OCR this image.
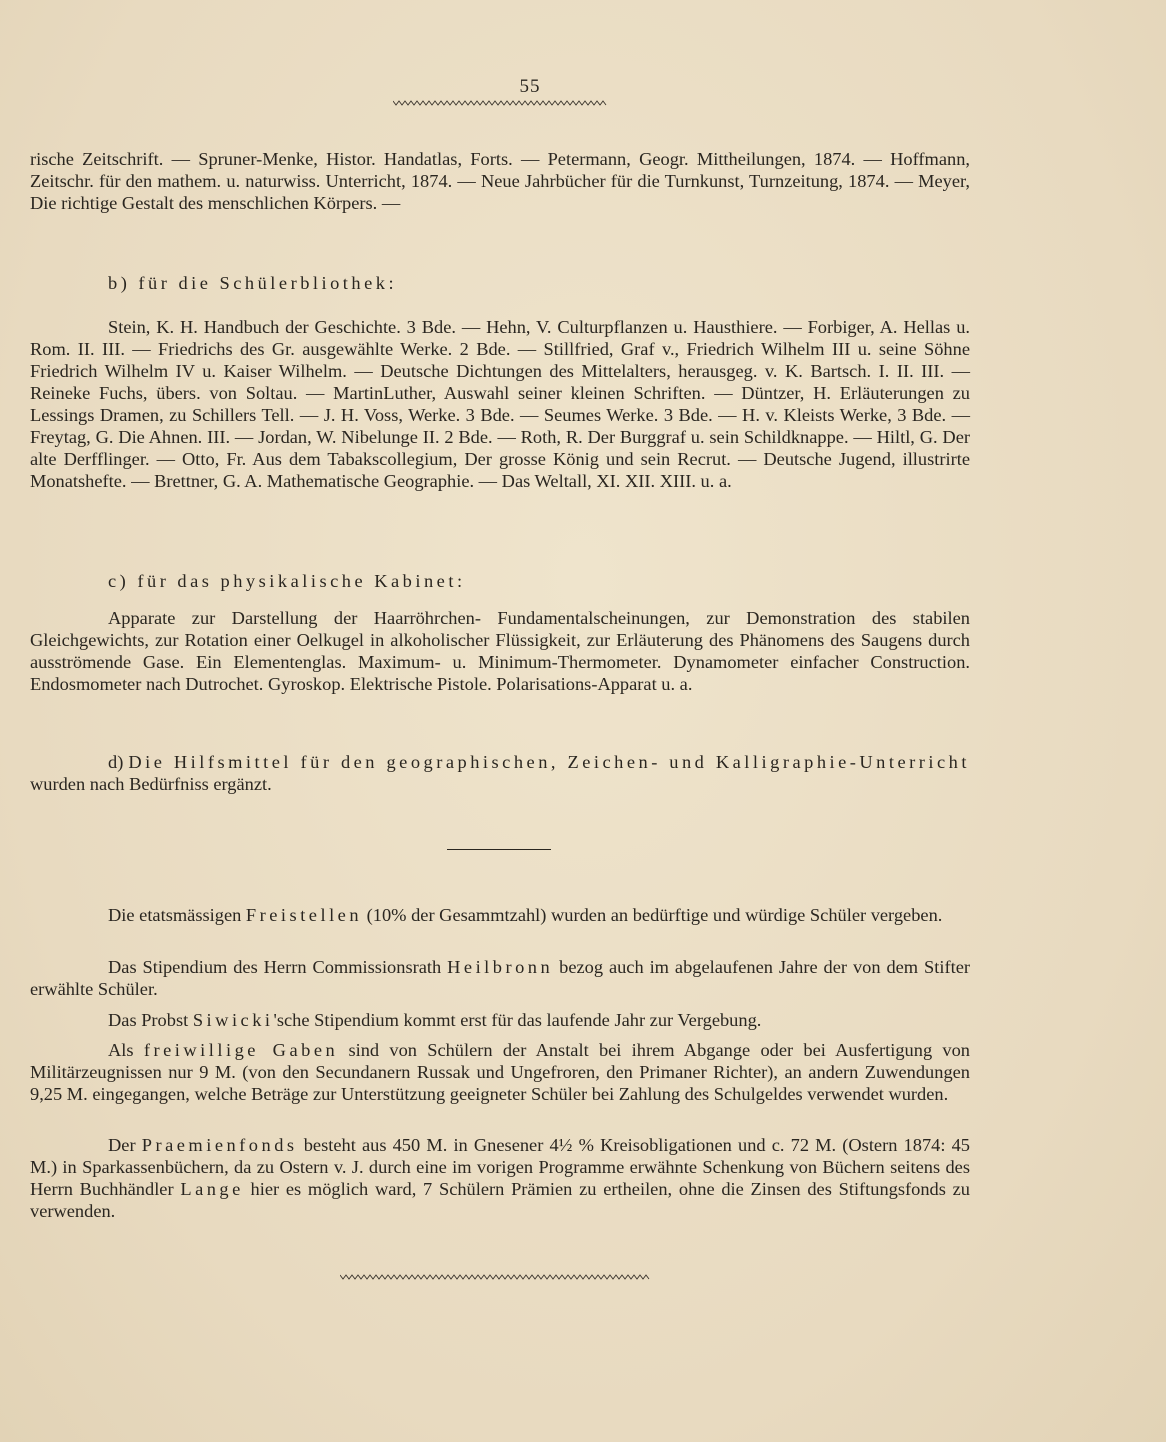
55

rische Zeitschrift. — Spruner-Menke, Histor. Handatlas, Forts. — Petermann, Geogr. Mittheilungen, 1874. — Hoffmann, Zeitschr. für den mathem. u. naturwiss. Unterricht, 1874. — Neue Jahrbücher für die Turnkunst, Turnzeitung, 1874. — Meyer, Die richtige Gestalt des menschlichen Körpers. —

b) für die Schülerbliothek:

Stein, K. H. Handbuch der Geschichte. 3 Bde. — Hehn, V. Culturpflanzen u. Hausthiere. — Forbiger, A. Hellas u. Rom. II. III. — Friedrichs des Gr. ausgewählte Werke. 2 Bde. — Stillfried, Graf v., Friedrich Wilhelm III u. seine Söhne Friedrich Wilhelm IV u. Kaiser Wilhelm. — Deutsche Dichtungen des Mittelalters, herausgeg. v. K. Bartsch. I. II. III. — Reineke Fuchs, übers. von Soltau. — MartinLuther, Auswahl seiner kleinen Schriften. — Düntzer, H. Erläuterungen zu Lessings Dramen, zu Schillers Tell. — J. H. Voss, Werke. 3 Bde. — Seumes Werke. 3 Bde. — H. v. Kleists Werke, 3 Bde. — Freytag, G. Die Ahnen. III. — Jordan, W. Nibelunge II. 2 Bde. — Roth, R. Der Burggraf u. sein Schildknappe. — Hiltl, G. Der alte Derfflinger. — Otto, Fr. Aus dem Tabakscollegium, Der grosse König und sein Recrut. — Deutsche Jugend, illustrirte Monatshefte. — Brettner, G. A. Mathematische Geographie. — Das Weltall, XI. XII. XIII. u. a.

c) für das physikalische Kabinet:

Apparate zur Darstellung der Haarröhrchen- Fundamentalscheinungen, zur Demonstration des stabilen Gleichgewichts, zur Rotation einer Oelkugel in alkoholischer Flüssigkeit, zur Erläuterung des Phänomens des Saugens durch ausströmende Gase. Ein Elementenglas. Maximum- u. Minimum-Thermometer. Dynamometer einfacher Construction. Endosmometer nach Dutrochet. Gyroskop. Elektrische Pistole. Polarisations-Apparat u. a.

d) Die Hilfsmittel für den geographischen, Zeichen- und Kalligraphie-Unterricht wurden nach Bedürfniss ergänzt.

Die etatsmässigen Freistellen (10% der Gesammtzahl) wurden an bedürftige und würdige Schüler vergeben.

Das Stipendium des Herrn Commissionsrath Heilbronn bezog auch im abgelaufenen Jahre der von dem Stifter erwählte Schüler.

Das Probst Siwicki'sche Stipendium kommt erst für das laufende Jahr zur Vergebung.

Als freiwillige Gaben sind von Schülern der Anstalt bei ihrem Abgange oder bei Ausfertigung von Militärzeugnissen nur 9 M. (von den Secundanern Russak und Ungefroren, den Primaner Richter), an andern Zuwendungen 9,25 M. eingegangen, welche Beträge zur Unterstützung geeigneter Schüler bei Zahlung des Schulgeldes verwendet wurden.

Der Praemienfonds besteht aus 450 M. in Gnesener 4½ % Kreisobligationen und c. 72 M. (Ostern 1874: 45 M.) in Sparkassenbüchern, da zu Ostern v. J. durch eine im vorigen Programme erwähnte Schenkung von Büchern seitens des Herrn Buchhändler Lange hier es möglich ward, 7 Schülern Prämien zu ertheilen, ohne die Zinsen des Stiftungsfonds zu verwenden.
